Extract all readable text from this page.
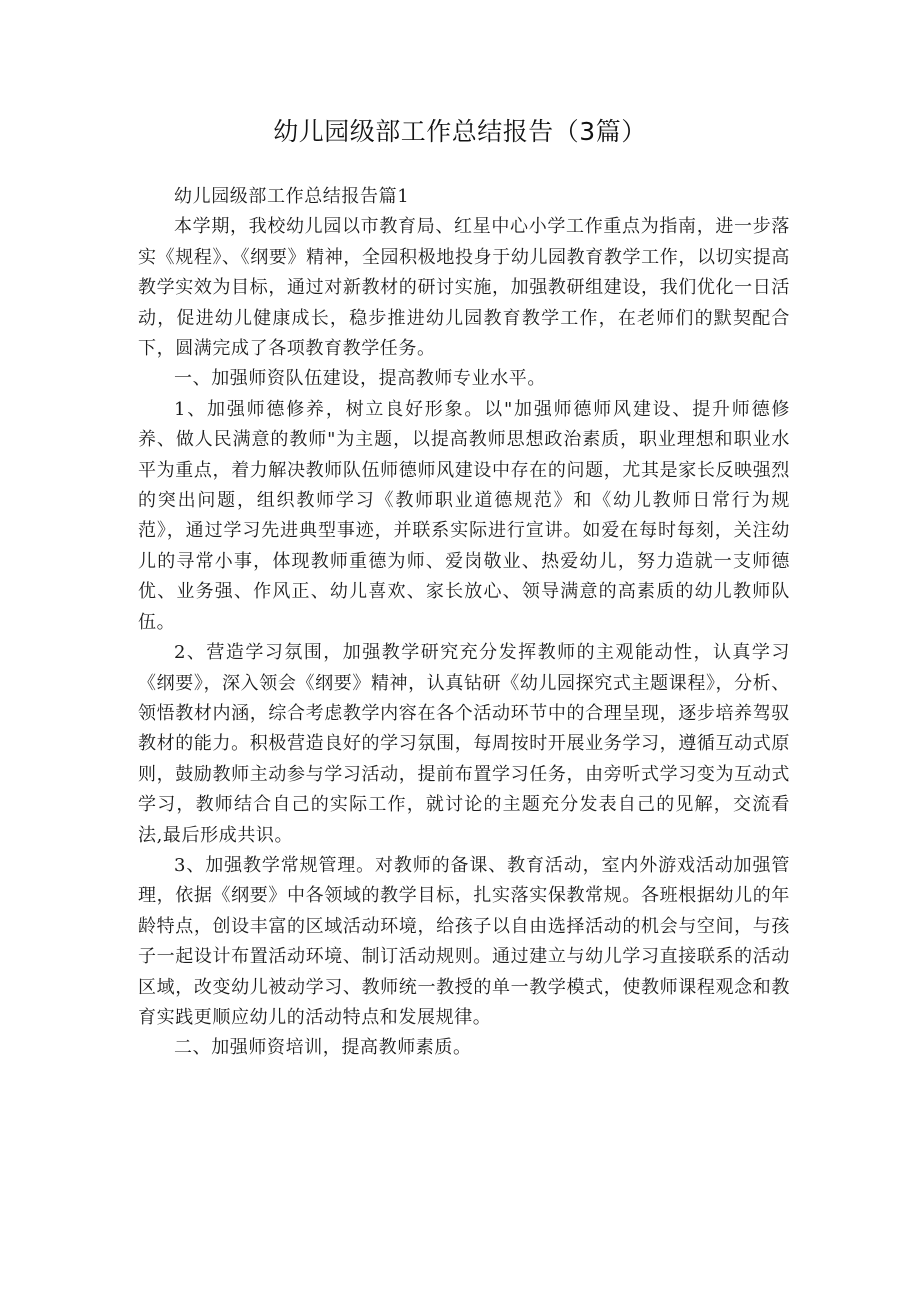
幼儿园级部工作总结报告（3篇）

幼儿园级部工作总结报告篇1

本学期，我校幼儿园以市教育局、红星中心小学工作重点为指南，进一步落实《规程》、《纲要》精神，全园积极地投身于幼儿园教育教学工作，以切实提高教学实效为目标，通过对新教材的研讨实施，加强教研组建设，我们优化一日活动，促进幼儿健康成长，稳步推进幼儿园教育教学工作，在老师们的默契配合下，圆满完成了各项教育教学任务。

一、加强师资队伍建设，提高教师专业水平。

1、加强师德修养，树立良好形象。以"加强师德师风建设、提升师德修养、做人民满意的教师"为主题，以提高教师思想政治素质，职业理想和职业水平为重点，着力解决教师队伍师德师风建设中存在的问题，尤其是家长反映强烈的突出问题，组织教师学习《教师职业道德规范》和《幼儿教师日常行为规范》，通过学习先进典型事迹，并联系实际进行宣讲。如爱在每时每刻，关注幼儿的寻常小事，体现教师重德为师、爱岗敬业、热爱幼儿，努力造就一支师德优、业务强、作风正、幼儿喜欢、家长放心、领导满意的高素质的幼儿教师队伍。

2、营造学习氛围，加强教学研究充分发挥教师的主观能动性，认真学习《纲要》，深入领会《纲要》精神，认真钻研《幼儿园探究式主题课程》，分析、领悟教材内涵，综合考虑教学内容在各个活动环节中的合理呈现，逐步培养驾驭教材的能力。积极营造良好的学习氛围，每周按时开展业务学习，遵循互动式原则，鼓励教师主动参与学习活动，提前布置学习任务，由旁听式学习变为互动式学习，教师结合自己的实际工作，就讨论的主题充分发表自己的见解，交流看法,最后形成共识。

3、加强教学常规管理。对教师的备课、教育活动，室内外游戏活动加强管理，依据《纲要》中各领域的教学目标，扎实落实保教常规。各班根据幼儿的年龄特点，创设丰富的区域活动环境，给孩子以自由选择活动的机会与空间，与孩子一起设计布置活动环境、制订活动规则。通过建立与幼儿学习直接联系的活动区域，改变幼儿被动学习、教师统一教授的单一教学模式，使教师课程观念和教育实践更顺应幼儿的活动特点和发展规律。

二、加强师资培训，提高教师素质。
